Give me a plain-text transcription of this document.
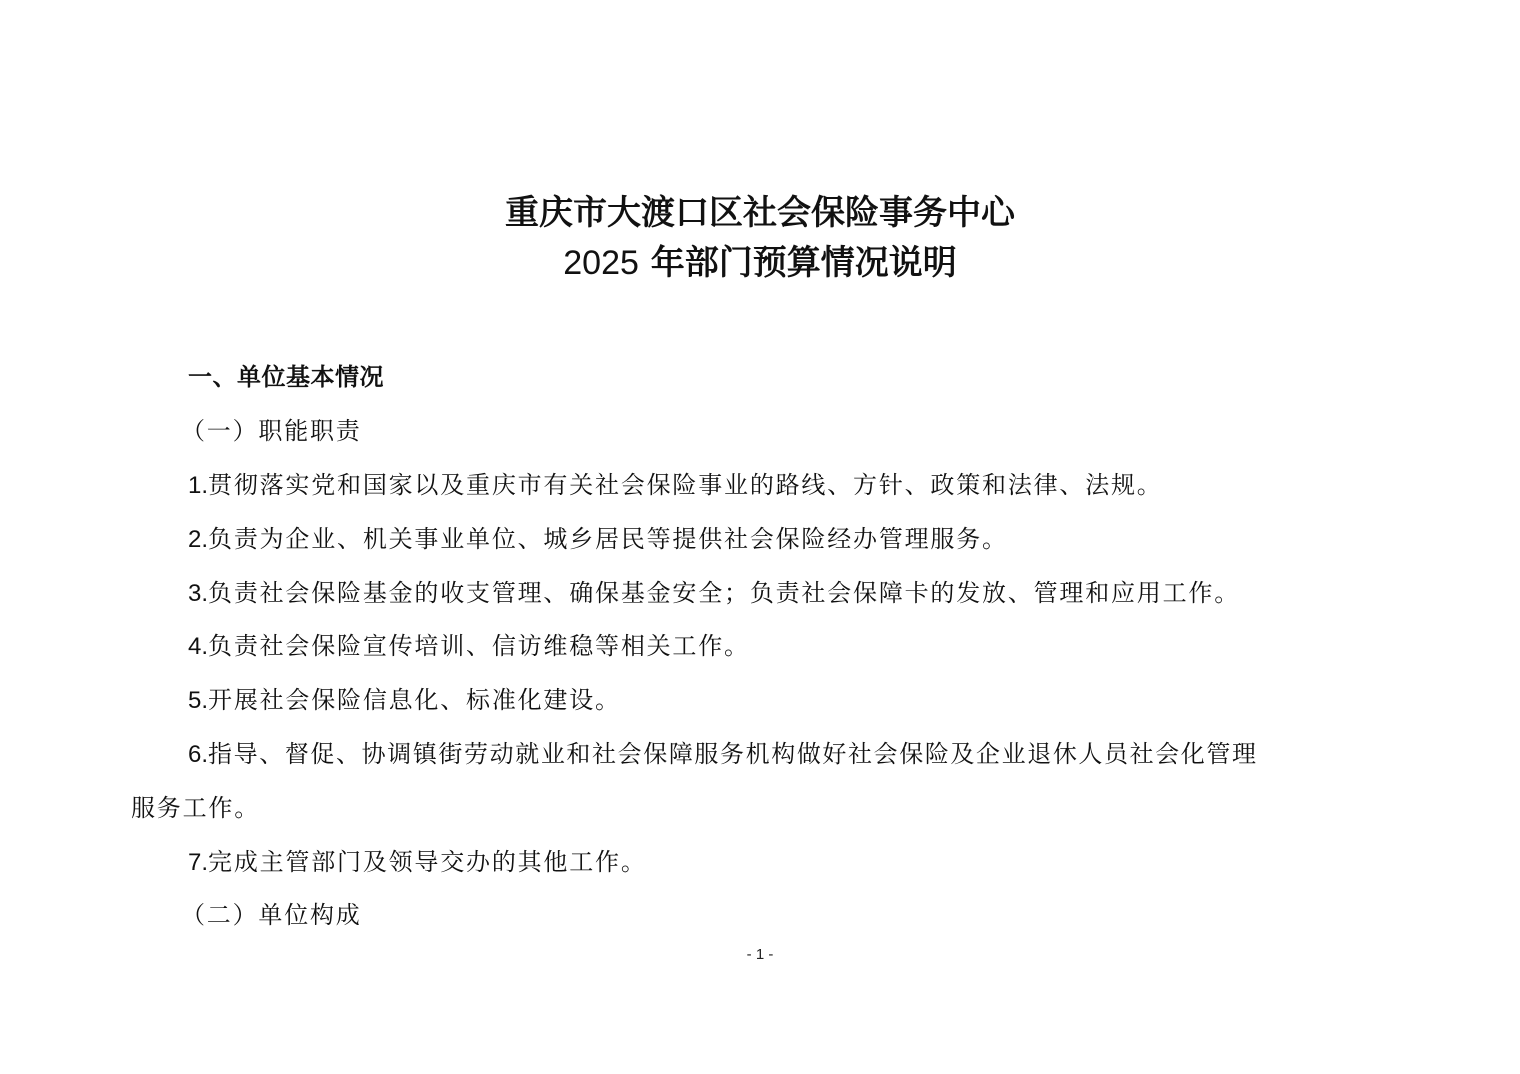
重庆市大渡口区社会保险事务中心
2025 年部门预算情况说明
一、单位基本情况
（一）职能职责
1.贯彻落实党和国家以及重庆市有关社会保险事业的路线、方针、政策和法律、法规。
2.负责为企业、机关事业单位、城乡居民等提供社会保险经办管理服务。
3.负责社会保险基金的收支管理、确保基金安全；负责社会保障卡的发放、管理和应用工作。
4.负责社会保险宣传培训、信访维稳等相关工作。
5.开展社会保险信息化、标准化建设。
6.指导、督促、协调镇街劳动就业和社会保障服务机构做好社会保险及企业退休人员社会化管理
服务工作。
7.完成主管部门及领导交办的其他工作。
（二）单位构成
- 1 -
